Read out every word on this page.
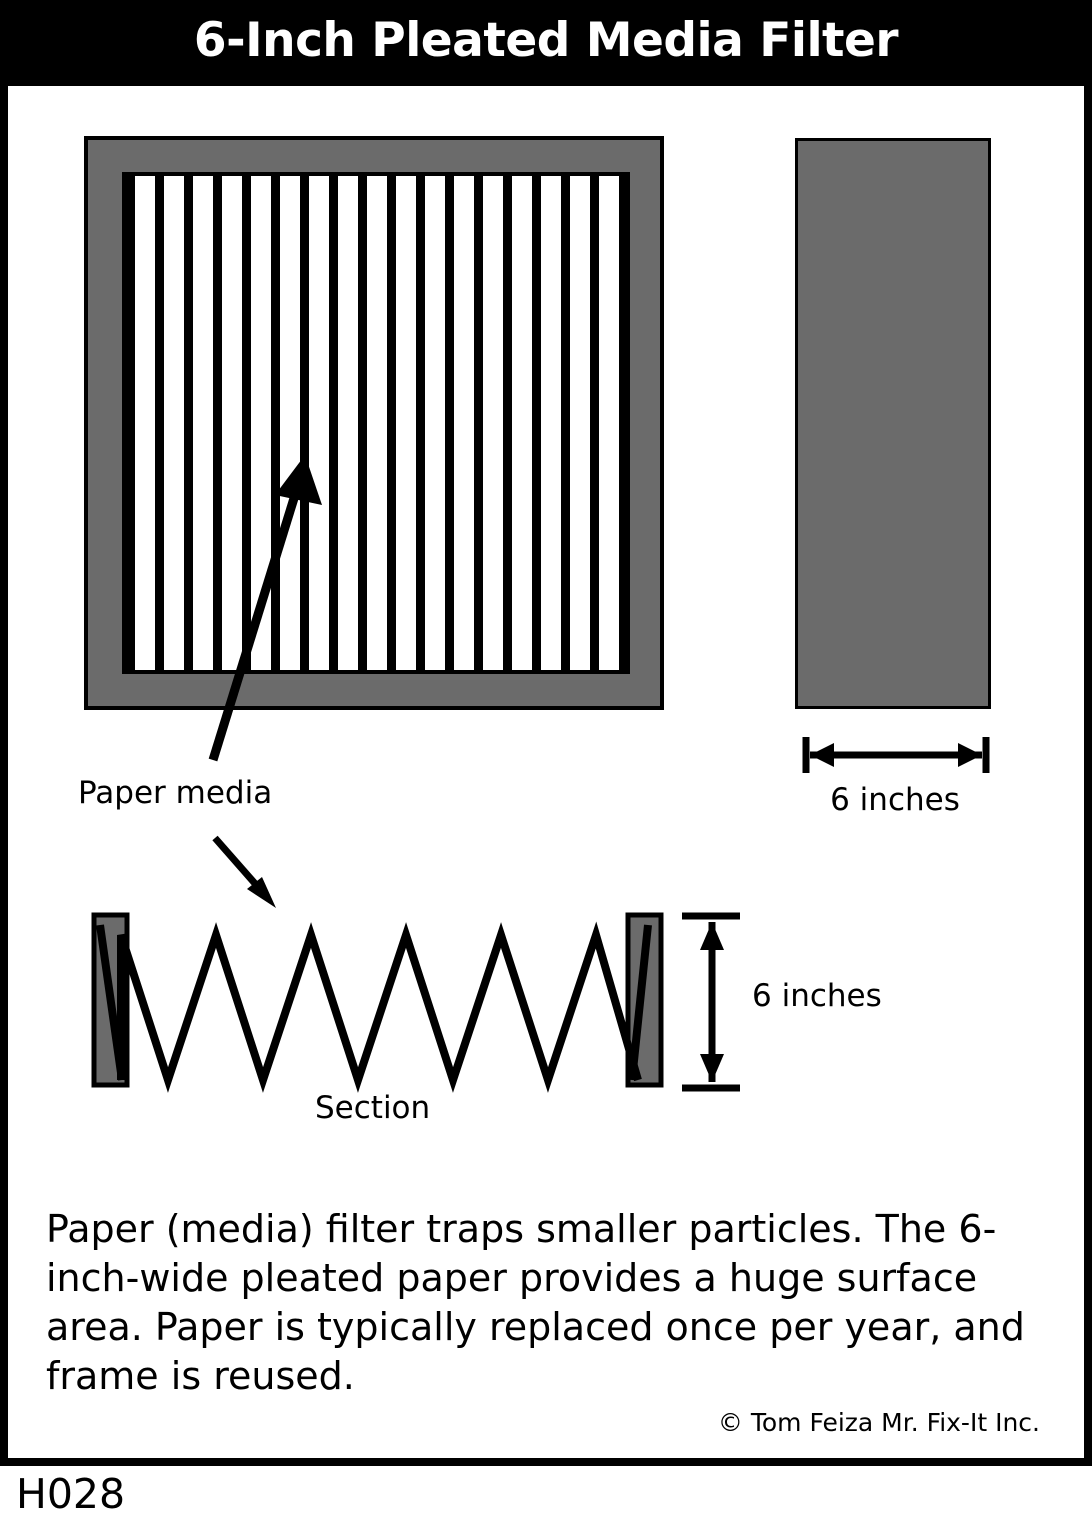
6-Inch Pleated Media Filter
6 inches
Paper media
Section
6 inches
Paper (media) filter traps smaller particles. The 6-inch-wide pleated paper provides a huge surface area. Paper is typically replaced once per year, and frame is reused.
© Tom Feiza Mr. Fix-It Inc.
H028
